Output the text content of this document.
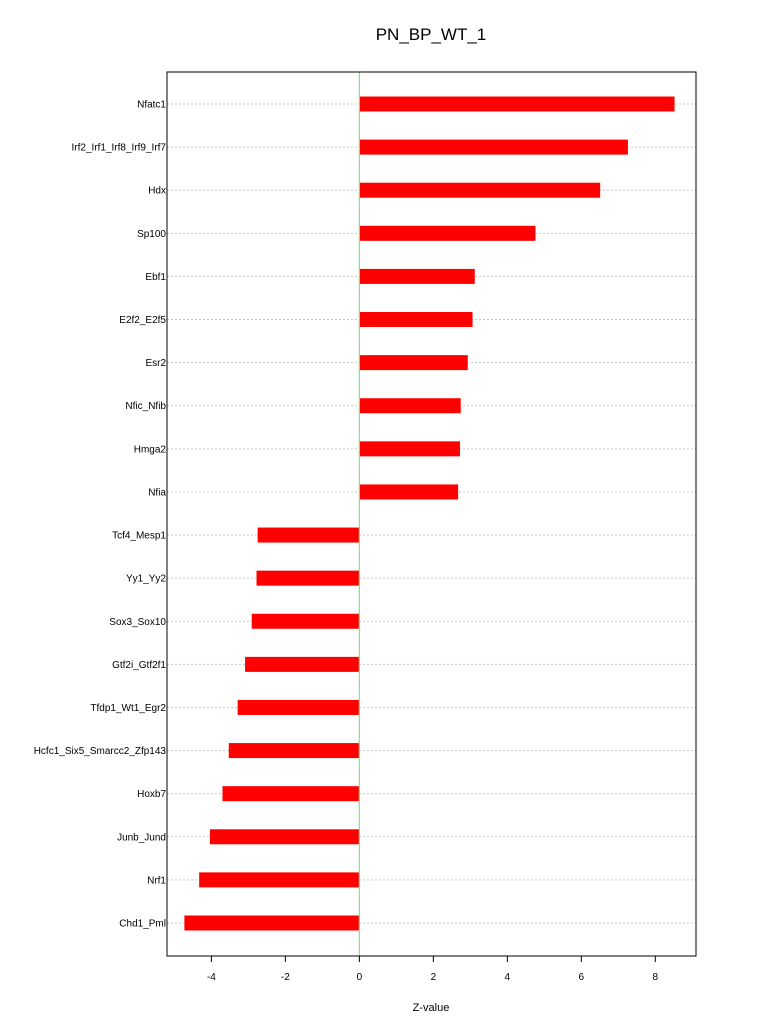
PN_BP_WT_1
-4	-2	0	2	4	6	8
Nfatc1
Irf2_Irf1_Irf8_Irf9_Irf7
Hdx
Sp100
Ebf1
E2f2_E2f5
Esr2
Nfic_Nfib
Hmga2
Nfia
Tcf4_Mesp1
Yy1_Yy2
Sox3_Sox10
Gtf2i_Gtf2f1
Tfdp1_Wt1_Egr2
Hcfc1_Six5_Smarcc2_Zfp143
Hoxb7
Junb_Jund
Nrf1
Chd1_Pml
Z-value
